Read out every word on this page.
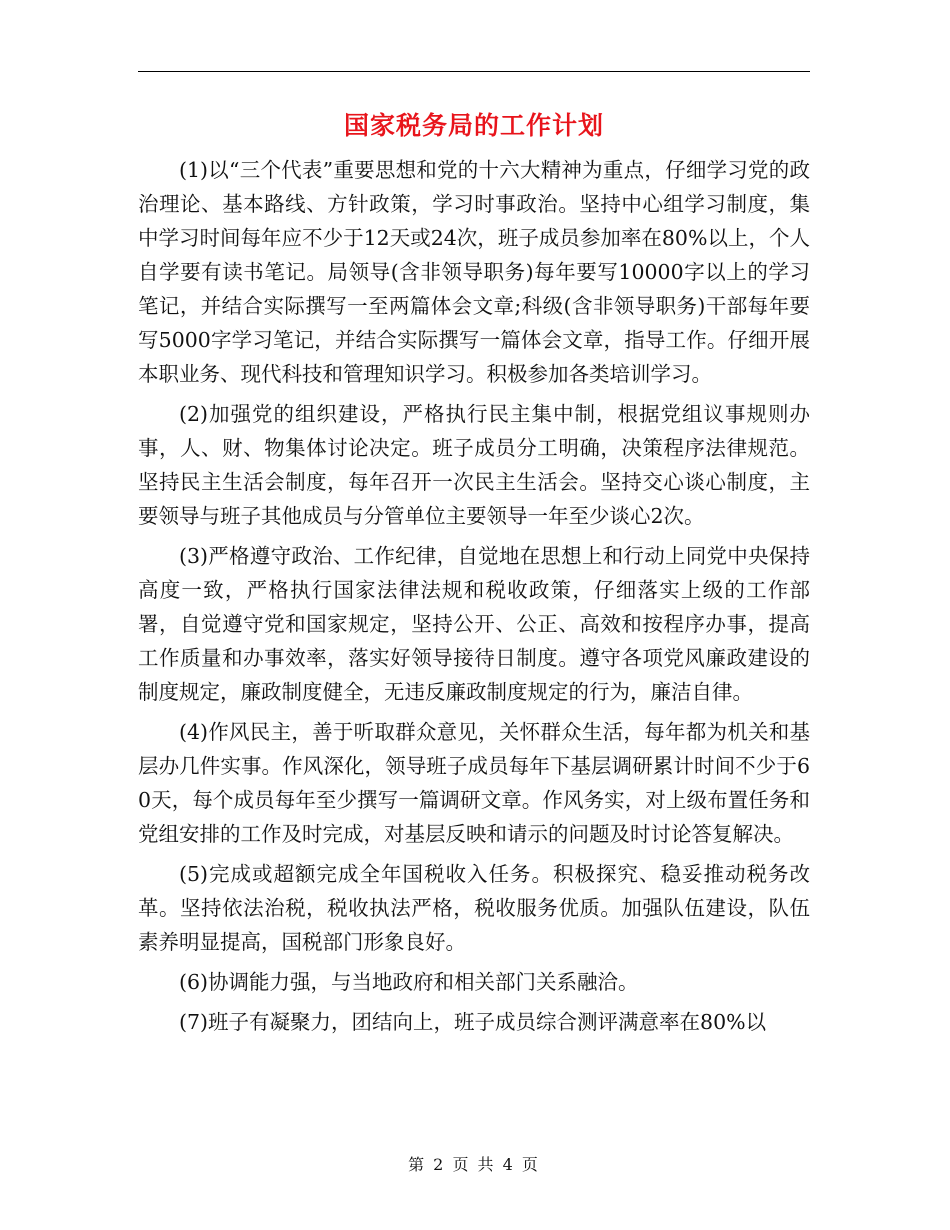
国家税务局的工作计划

(1)以“三个代表”重要思想和党的十六大精神为重点，仔细学习党的政治理论、基本路线、方针政策，学习时事政治。坚持中心组学习制度，集中学习时间每年应不少于12天或24次，班子成员参加率在80%以上，个人自学要有读书笔记。局领导(含非领导职务)每年要写10000字以上的学习笔记，并结合实际撰写一至两篇体会文章;科级(含非领导职务)干部每年要写5000字学习笔记，并结合实际撰写一篇体会文章，指导工作。仔细开展本职业务、现代科技和管理知识学习。积极参加各类培训学习。

(2)加强党的组织建设，严格执行民主集中制，根据党组议事规则办事，人、财、物集体讨论决定。班子成员分工明确，决策程序法律规范。坚持民主生活会制度，每年召开一次民主生活会。坚持交心谈心制度，主要领导与班子其他成员与分管单位主要领导一年至少谈心2次。

(3)严格遵守政治、工作纪律，自觉地在思想上和行动上同党中央保持高度一致，严格执行国家法律法规和税收政策，仔细落实上级的工作部署，自觉遵守党和国家规定，坚持公开、公正、高效和按程序办事，提高工作质量和办事效率，落实好领导接待日制度。遵守各项党风廉政建设的制度规定，廉政制度健全，无违反廉政制度规定的行为，廉洁自律。

(4)作风民主，善于听取群众意见，关怀群众生活，每年都为机关和基层办几件实事。作风深化，领导班子成员每年下基层调研累计时间不少于60天，每个成员每年至少撰写一篇调研文章。作风务实，对上级布置任务和党组安排的工作及时完成，对基层反映和请示的问题及时讨论答复解决。

(5)完成或超额完成全年国税收入任务。积极探究、稳妥推动税务改革。坚持依法治税，税收执法严格，税收服务优质。加强队伍建设，队伍素养明显提高，国税部门形象良好。

(6)协调能力强，与当地政府和相关部门关系融洽。

(7)班子有凝聚力，团结向上，班子成员综合测评满意率在80%以

第 2 页 共 4 页
